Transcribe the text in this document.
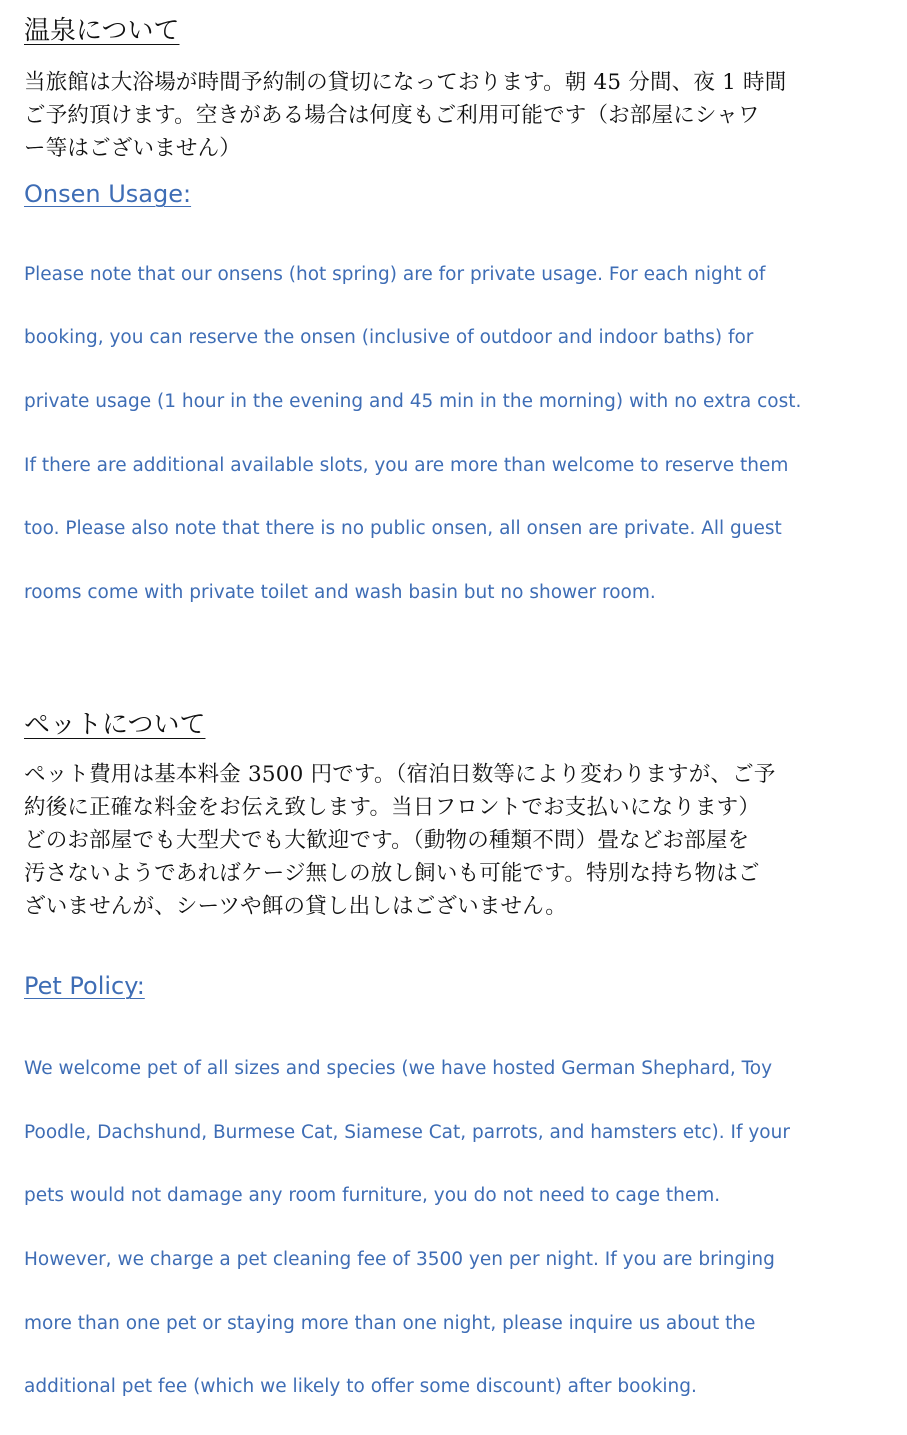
温泉について

当旅館は大浴場が時間予約制の貸切になっております。朝 45 分間、夜 1 時間
ご予約頂けます。空きがある場合は何度もご利用可能です（お部屋にシャワ
ー等はございません）

Onsen Usage:

Please note that our onsens (hot spring) are for private usage. For each night of

booking, you can reserve the onsen (inclusive of outdoor and indoor baths) for

private usage (1 hour in the evening and 45 min in the morning) with no extra cost.

If there are additional available slots, you are more than welcome to reserve them

too. Please also note that there is no public onsen, all onsen are private. All guest

rooms come with private toilet and wash basin but no shower room.

ペットについて

ペット費用は基本料金 3500 円です。（宿泊日数等により変わりますが、ご予
約後に正確な料金をお伝え致します。当日フロントでお支払いになります）
どのお部屋でも大型犬でも大歓迎です。（動物の種類不問）畳などお部屋を
汚さないようであればケージ無しの放し飼いも可能です。特別な持ち物はご
ざいませんが、シーツや餌の貸し出しはございません。

Pet Policy:

We welcome pet of all sizes and species (we have hosted German Shephard, Toy

Poodle, Dachshund, Burmese Cat, Siamese Cat, parrots, and hamsters etc). If your

pets would not damage any room furniture, you do not need to cage them.

However, we charge a pet cleaning fee of 3500 yen per night. If you are bringing

more than one pet or staying more than one night, please inquire us about the

additional pet fee (which we likely to offer some discount) after booking.
